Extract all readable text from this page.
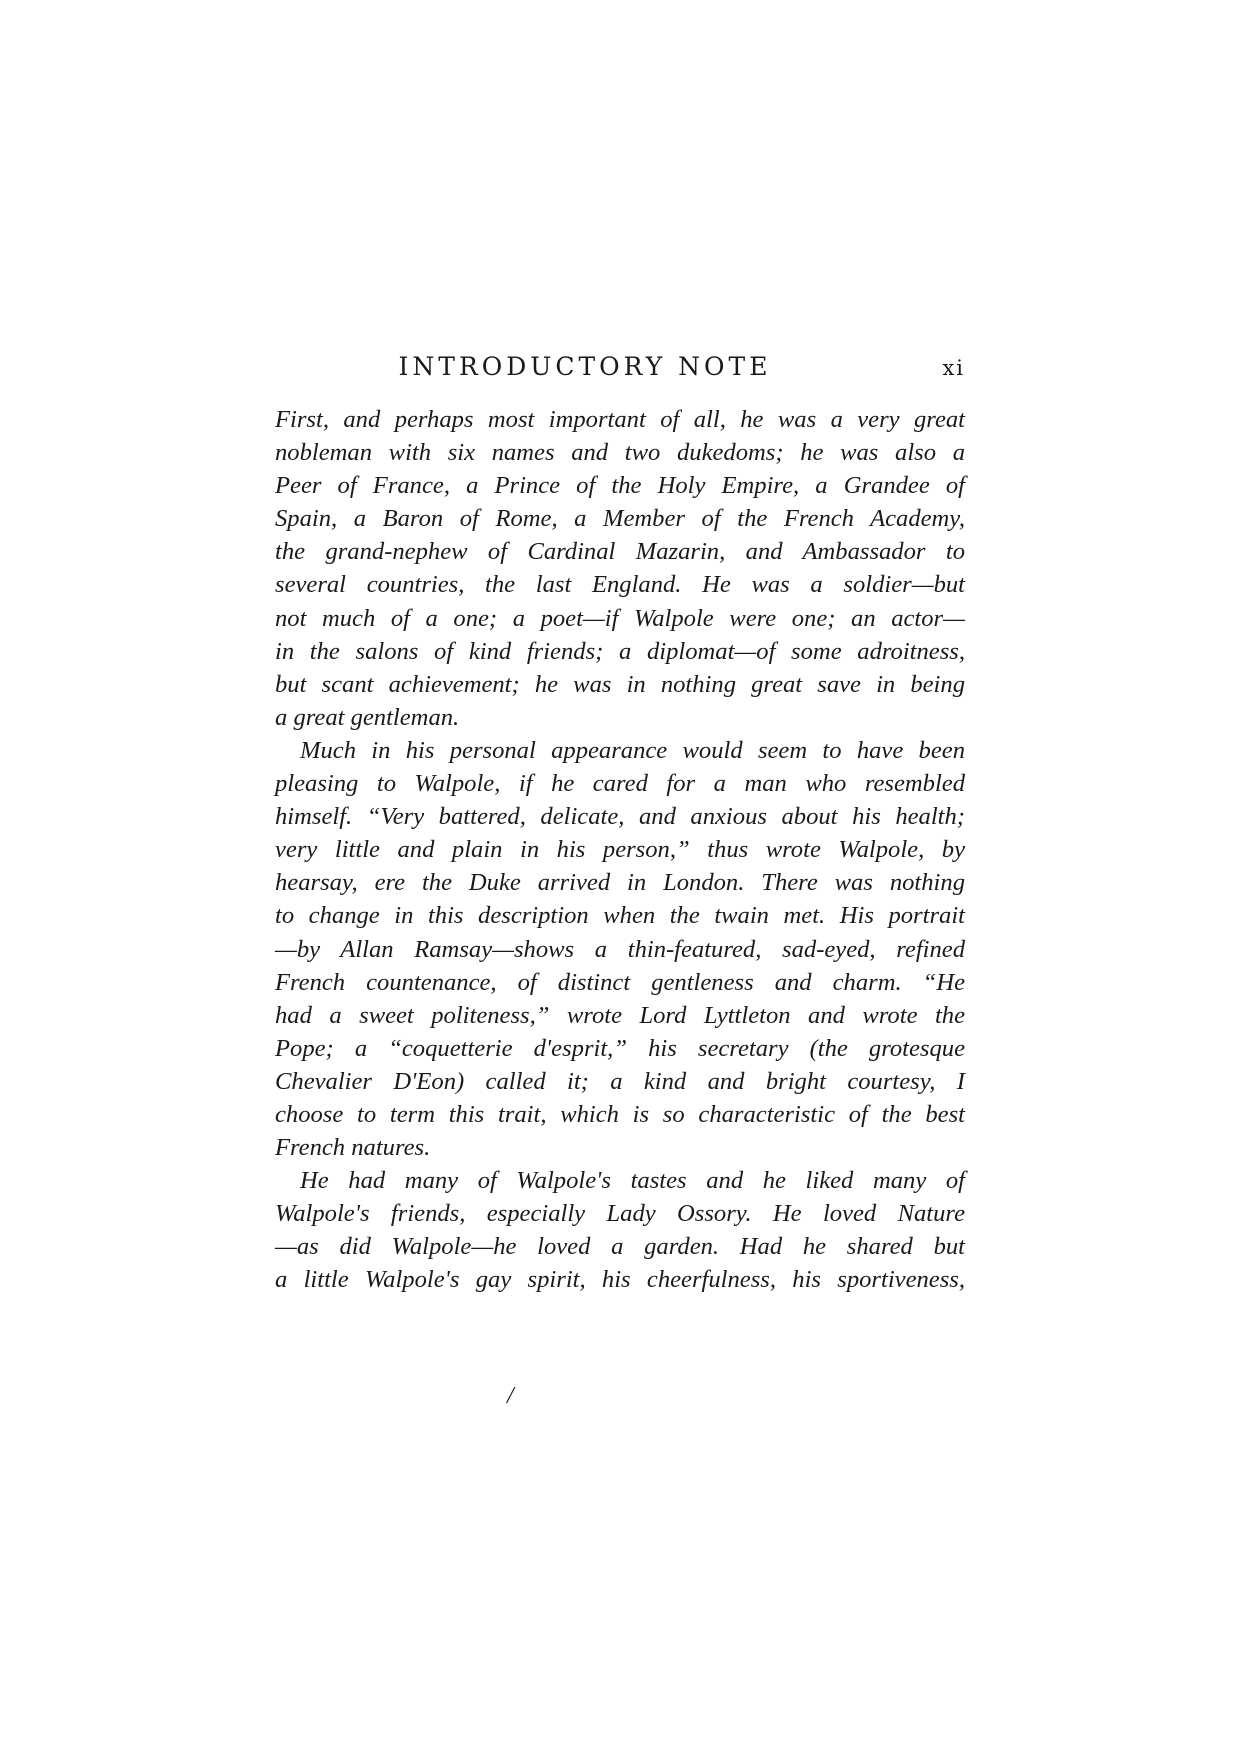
INTRODUCTORY NOTE	xi
First, and perhaps most important of all, he was a very great
nobleman with six names and two dukedoms; he was also a
Peer of France, a Prince of the Holy Empire, a Grandee of
Spain, a Baron of Rome, a Member of the French Academy,
the grand-nephew of Cardinal Mazarin, and Ambassador to
several countries, the last England. He was a soldier—but
not much of a one; a poet—if Walpole were one; an actor—
in the salons of kind friends; a diplomat—of some adroitness,
but scant achievement; he was in nothing great save in being
a great gentleman.
Much in his personal appearance would seem to have been
pleasing to Walpole, if he cared for a man who resembled
himself. “Very battered, delicate, and anxious about his health;
very little and plain in his person,” thus wrote Walpole, by
hearsay, ere the Duke arrived in London. There was nothing
to change in this description when the twain met. His portrait
—by Allan Ramsay—shows a thin-featured, sad-eyed, refined
French countenance, of distinct gentleness and charm. “He
had a sweet politeness,” wrote Lord Lyttleton and wrote the
Pope; a “coquetterie d'esprit,” his secretary (the grotesque
Chevalier D'Eon) called it; a kind and bright courtesy, I
choose to term this trait, which is so characteristic of the best
French natures.
He had many of Walpole's tastes and he liked many of
Walpole's friends, especially Lady Ossory. He loved Nature
—as did Walpole—he loved a garden. Had he shared but
a little Walpole's gay spirit, his cheerfulness, his sportiveness,
/
